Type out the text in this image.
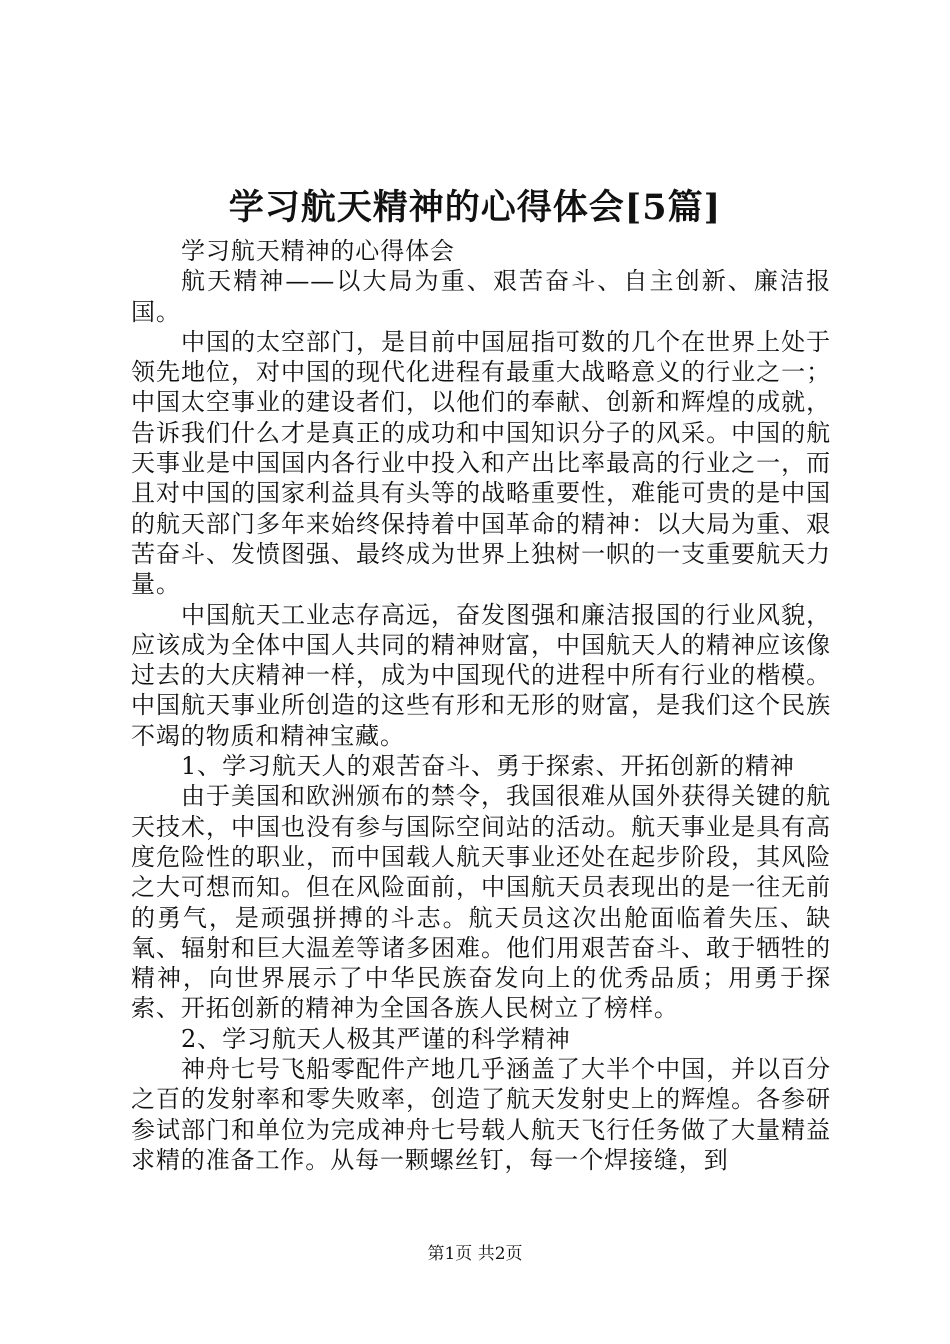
学习航天精神的心得体会[5篇]

学习航天精神的心得体会

航天精神——以大局为重、艰苦奋斗、自主创新、廉洁报国。

中国的太空部门，是目前中国屈指可数的几个在世界上处于领先地位，对中国的现代化进程有最重大战略意义的行业之一；中国太空事业的建设者们，以他们的奉献、创新和辉煌的成就，告诉我们什么才是真正的成功和中国知识分子的风采。中国的航天事业是中国国内各行业中投入和产出比率最高的行业之一，而且对中国的国家利益具有头等的战略重要性，难能可贵的是中国的航天部门多年来始终保持着中国革命的精神：以大局为重、艰苦奋斗、发愤图强、最终成为世界上独树一帜的一支重要航天力量。

中国航天工业志存高远，奋发图强和廉洁报国的行业风貌，应该成为全体中国人共同的精神财富，中国航天人的精神应该像过去的大庆精神一样，成为中国现代的进程中所有行业的楷模。中国航天事业所创造的这些有形和无形的财富，是我们这个民族不竭的物质和精神宝藏。

1、学习航天人的艰苦奋斗、勇于探索、开拓创新的精神

由于美国和欧洲颁布的禁令，我国很难从国外获得关键的航天技术，中国也没有参与国际空间站的活动。航天事业是具有高度危险性的职业，而中国载人航天事业还处在起步阶段，其风险之大可想而知。但在风险面前，中国航天员表现出的是一往无前的勇气，是顽强拼搏的斗志。航天员这次出舱面临着失压、缺氧、辐射和巨大温差等诸多困难。他们用艰苦奋斗、敢于牺牲的精神，向世界展示了中华民族奋发向上的优秀品质；用勇于探索、开拓创新的精神为全国各族人民树立了榜样。

2、学习航天人极其严谨的科学精神

神舟七号飞船零配件产地几乎涵盖了大半个中国，并以百分之百的发射率和零失败率，创造了航天发射史上的辉煌。各参研参试部门和单位为完成神舟七号载人航天飞行任务做了大量精益求精的准备工作。从每一颗螺丝钉，每一个焊接缝，到

第1页 共2页
